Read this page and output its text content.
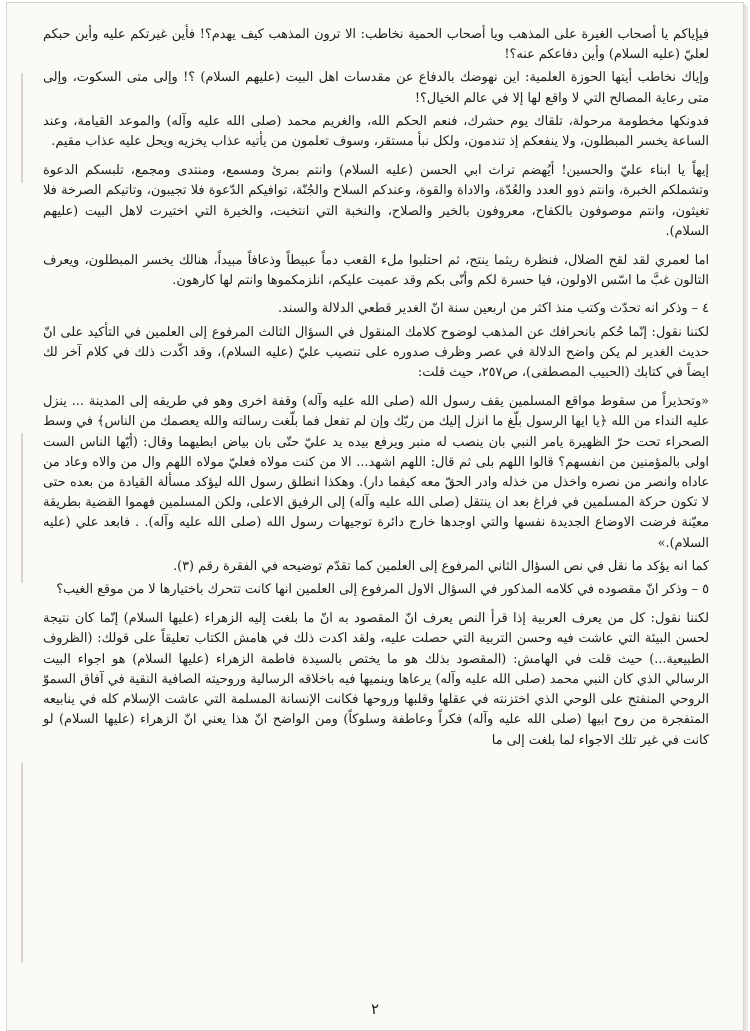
فيإياكم يا أصحاب الغيرة على المذهب ويا أصحاب الحمية نخاطب: الا ترون المذهب كيف يهدم؟! فأين غيرتكم عليه وأين حبكم لعليّ (عليه السلام) وأين دفاعكم عنه؟!

وإياك نخاطب أيتها الحوزة العلمية: اين نهوضك بالدفاع عن مقدسات اهل البيت (عليهم السلام) ؟! وإلى متى السكوت، وإلى متى رعاية المصالح التي لا واقع لها إلا في عالم الخيال؟!

فدونكها مخطومة مرحولة، تلقاك يوم حشرك، فنعم الحكم الله، والغريم محمد (صلى الله عليه وآله) والموعد القيامة، وعند الساعة يخسر المبطلون، ولا ينفعكم إذ تندمون، ولكل نبأ مستقر، وسوف تعلمون من يأتيه عذاب يخزيه ويحل عليه عذاب مقيم.

إيهاً يا ابناء عليّ والحسين! أيُهضم تراث ابي الحسن (عليه السلام) وانتم بمرئ ومسمع، ومنتدى ومجمع، تلبسكم الدعوة وتشملكم الخبرة، وانتم ذوو العدد والعُدّة، والاداة والقوة، وعندكم السلاح والجُنّة، توافيكم الدّعوة فلا تجيبون، وتاتيكم الصرخة فلا تغيثون، وانتم موصوفون بالكفاح، معروفون بالخير والصلاح، والنخبة التي انتخبت، والخيرة التي اختيرت لاهل البيت (عليهم السلام).

اما لعمري لقد لقح الضلال، فنظرة ريثما ينتج، ثم احتلبوا ملء القعب دماً عبيطاً وذعافاً مبيداً، هنالك يخسر المبطلون، ويعرف التالون غبَّ ما اسّس الاولون، فيا حسرة لكم وأنّى بكم وقد عميت عليكم، انلزمكموها وانتم لها كارهون.

٤ – وذكر انه تحدّث وكتب منذ اكثر من اربعين سنة انّ الغدير قطعي الدلالة والسند.

لكننا نقول: إنّما حُكم بانحرافك عن المذهب لوضوح كلامك المنقول في السؤال الثالث المرفوع إلى العلمين في التأكيد على انّ حديث الغدير لم يكن واضح الدلالة في عصر وظرف صدوره على تنصيب عليّ (عليه السلام)، وقد اكّدت ذلك في كلام آخر لك ايضاً في كتابك (الحبيب المصطفى)، ص٢٥٧، حيث قلت:

«وتحذيراً من سقوط مواقع المسلمين يقف رسول الله (صلى الله عليه وآله) وقفة اخرى وهو في طريقه إلى المدينة ... ينزل عليه النداء من الله ﴿يا ايها الرسول بلّغ ما انزل إليك من ربّك وإن لم تفعل فما بلّغت رسالته والله يعصمك من الناس﴾ في وسط الصحراء تحت حرّ الظهيرة يامر النبي بان ينصب له منبر ويرفع بيده يد عليّ حتّى بان بياض ابطيهما وقال: (أيّها الناس الست اولى بالمؤمنين من انفسهم؟ قالوا اللهم بلى ثم قال: اللهم اشهد... الا من كنت مولاه فعليّ مولاه اللهم وال من والاه وعاد من عاداه وانصر من نصره واخذل من خذله وادر الحقّ معه كيفما دار). وهكذا انطلق رسول الله ليؤكد مسألة القيادة من بعده حتى لا تكون حركة المسلمين في فراغ بعد ان ينتقل (صلى الله عليه وآله) إلى الرفيق الاعلى، ولكن المسلمين فهموا القضية بطريقة معيّنة فرضت الاوضاع الجديدة نفسها والتي اوجدها خارج دائرة توجيهات رسول الله (صلى الله عليه وآله). . فابعد علي (عليه السلام).»

كما انه يؤكد ما نقل في نص السؤال الثاني المرفوع إلى العلمين كما تقدّم توضيحه في الفقرة رقم (٣).

٥ – وذكر انّ مقصوده في كلامه المذكور في السؤال الاول المرفوع إلى العلمين انها كانت تتحرك باختيارها لا من موقع الغيب؟

لكننا نقول: كل من يعرف العربية إذا قرأ النص يعرف انّ المقصود به انّ ما بلغت إليه الزهراء (عليها السلام) إنّما كان نتيجة لحسن البيئة التي عاشت فيه وحسن التربية التي حصلت عليه، ولقد اكدت ذلك في هامش الكتاب تعليقاً على قولك: (الظروف الطبيعية...) حيث قلت في الهامش: (المقصود بذلك هو ما يختص بالسيدة فاطمة الزهراء (عليها السلام) هو اجواء البيت الرسالي الذي كان النبي محمد (صلى الله عليه وآله) يرعاها وينميها فيه باخلاقه الرسالية وروحيته الصافية النقية في آفاق السموّ الروحي المنفتح على الوحي الذي اختزنته في عقلها وقلبها وروحها فكانت الإنسانة المسلمة التي عاشت الإسلام كله في ينابيعه المتفجرة من روح ابيها (صلى الله عليه وآله) فكراً وعاطفة وسلوكاً) ومن الواضح انّ هذا يعني انّ الزهراء (عليها السلام) لو كانت في غير تلك الاجواء لما بلغت إلى ما

٢
